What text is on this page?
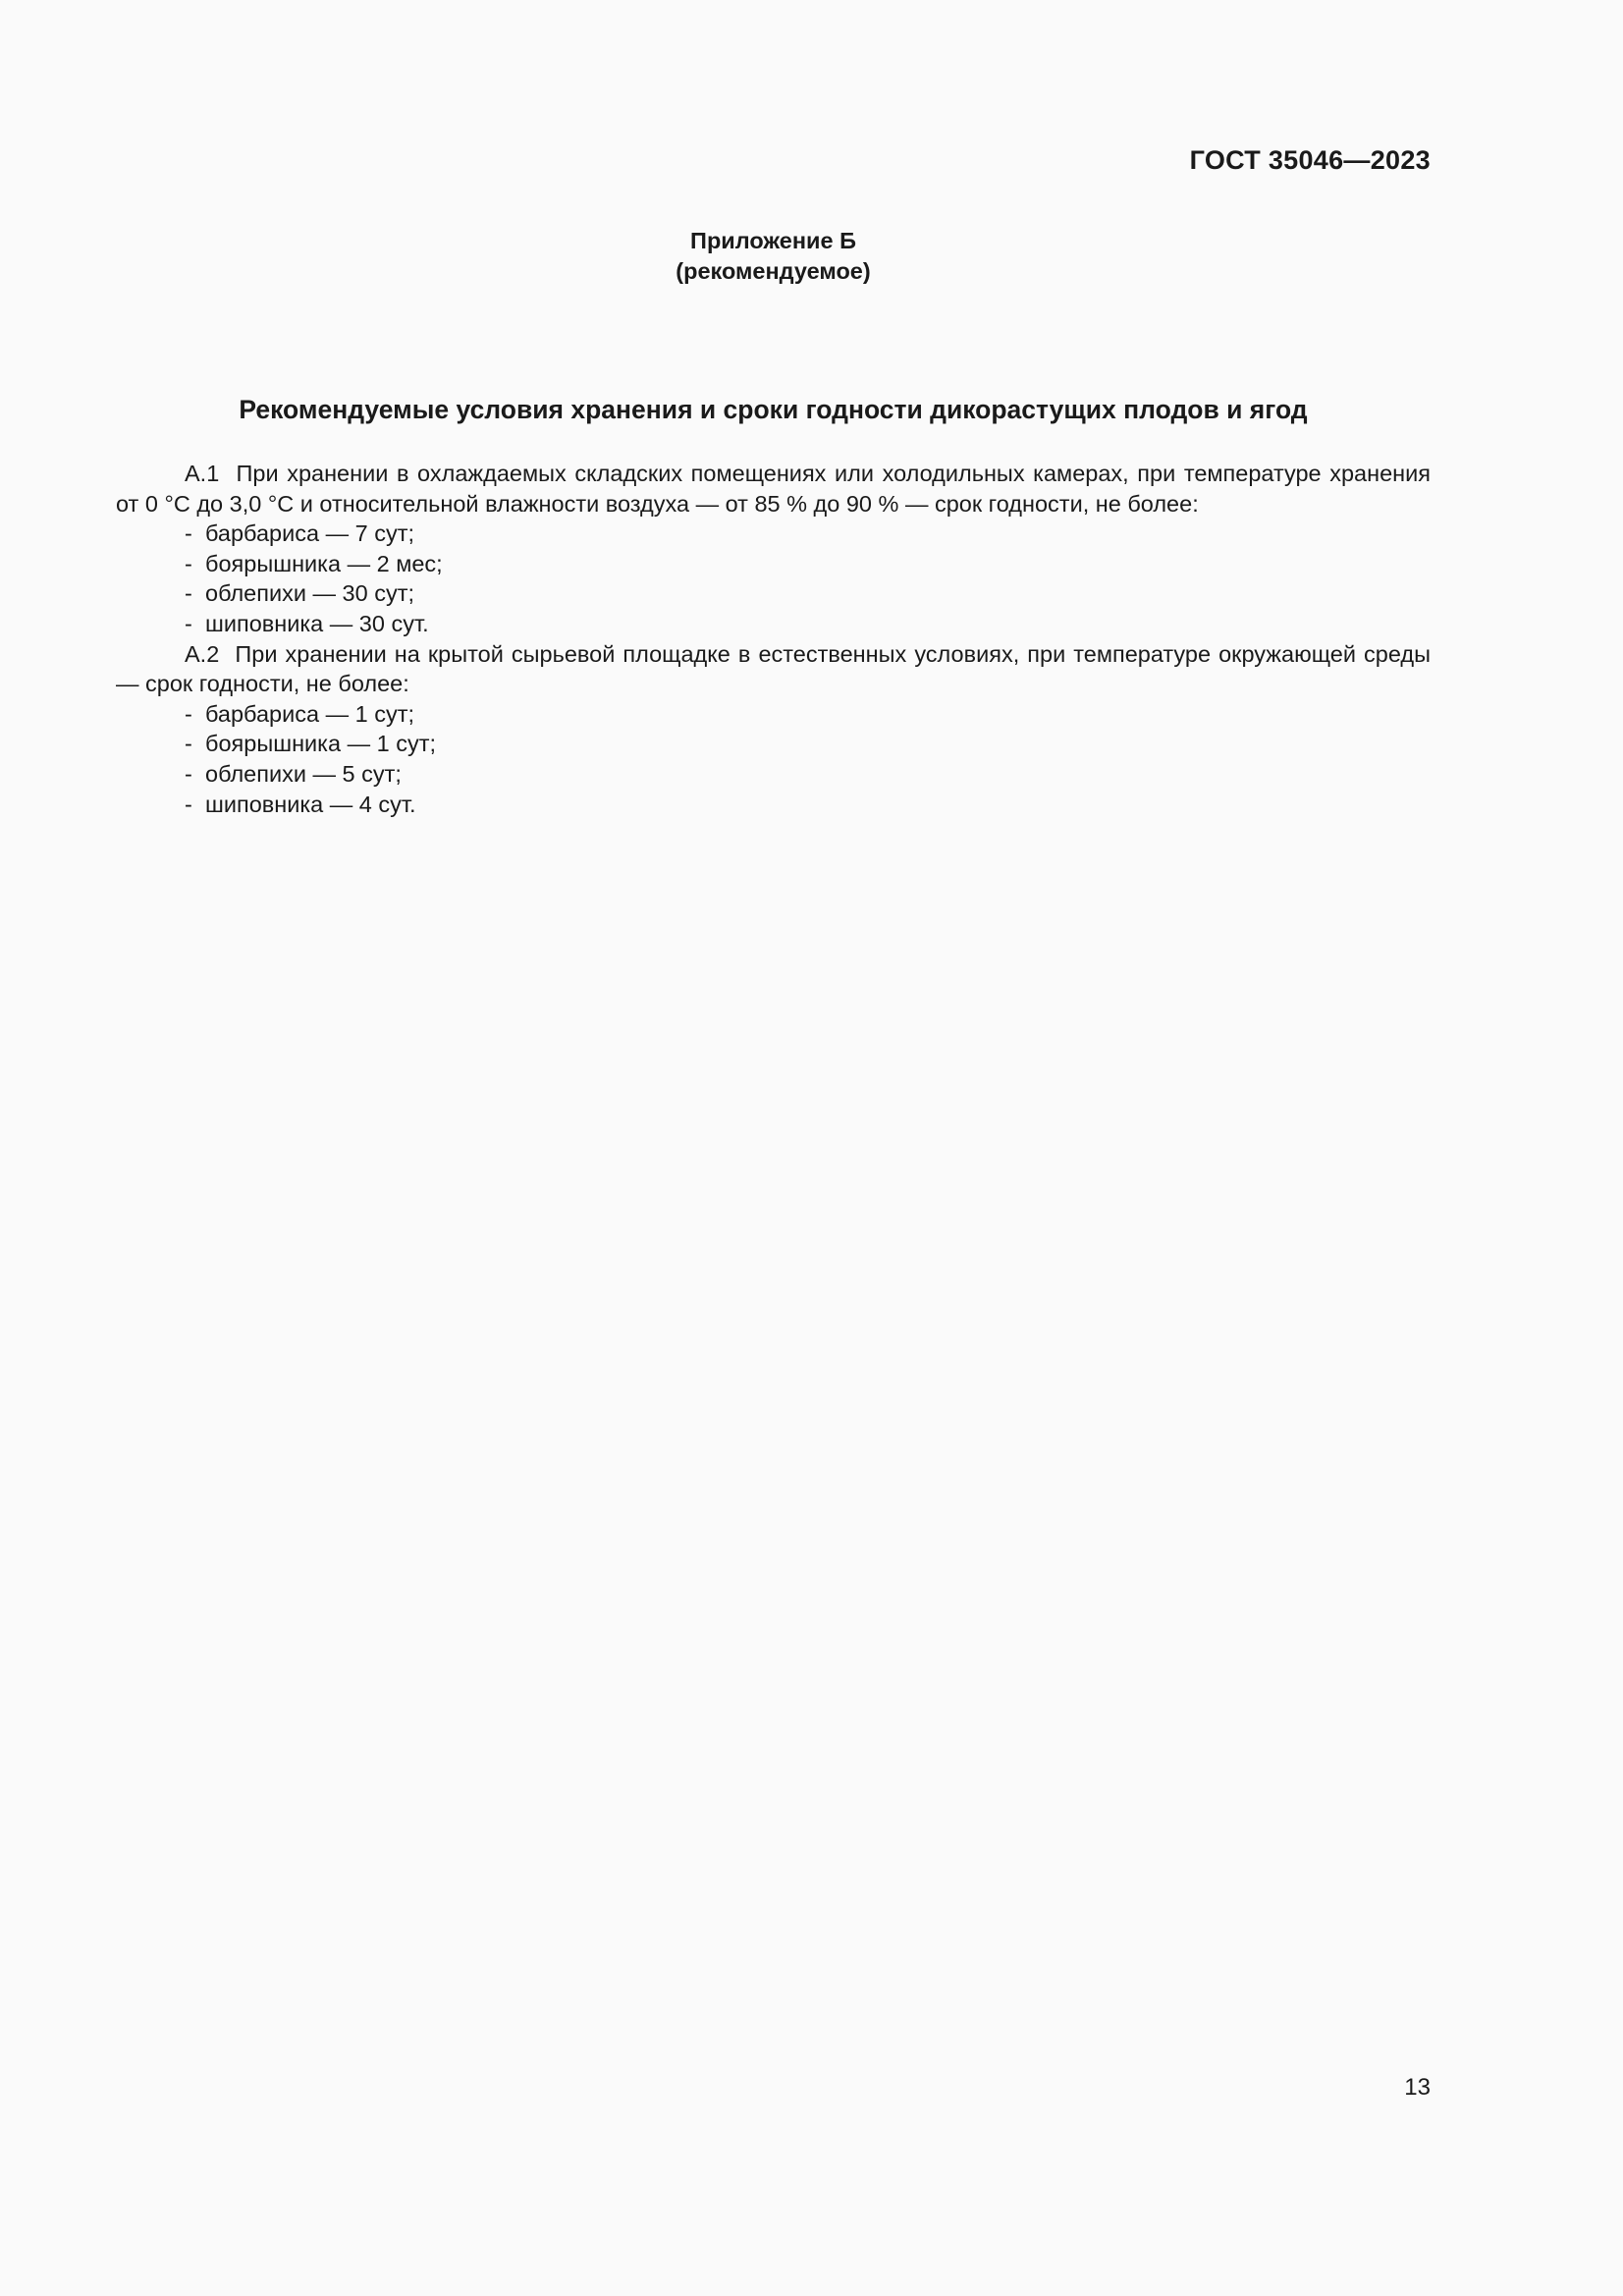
ГОСТ 35046—2023
Приложение Б
(рекомендуемое)
Рекомендуемые условия хранения и сроки годности дикорастущих плодов и ягод

А.1 При хранении в охлаждаемых складских помещениях или холодильных камерах, при температуре хранения от 0 °С до 3,0 °С и относительной влажности воздуха — от 85 % до 90 % — срок годности, не более:

- барбариса — 7 сут;
- боярышника — 2 мес;
- облепихи — 30 сут;
- шиповника — 30 сут.

А.2 При хранении на крытой сырьевой площадке в естественных условиях, при температуре окружающей среды — срок годности, не более:

- барбариса — 1 сут;
- боярышника — 1 сут;
- облепихи — 5 сут;
- шиповника — 4 сут.
13
